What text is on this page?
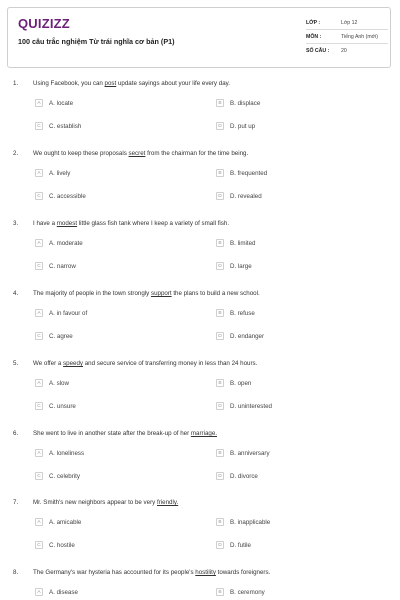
QUIZIZZ
100 câu trắc nghiệm Từ trái nghĩa cơ bản (P1)
LỚP :	Lớp 12
MÔN :	Tiếng Anh (mới)
SỐ CÂU :	20
1. Using Facebook, you can post update sayings about your life every day.
A	A. locate	B	B. displace
C	C. establish	D	D. put up
2. We ought to keep these proposals secret from the chairman for the time being.
A	A. lively	B	B. frequented
C	C. accessible	D	D. revealed
3. I have a modest little glass fish tank where I keep a variety of small fish.
A	A. moderate	B	B. limited
C	C. narrow	D	D. large
4. The majority of people in the town strongly support the plans to build a new school.
A	A. in favour of	B	B. refuse
C	C. agree	D	D. endanger
5. We offer a speedy and secure service of transferring money in less than 24 hours.
A	A. slow	B	B. open
C	C. unsure	D	D. uninterested
6. She went to live in another state after the break-up of her marriage.
A	A. loneliness	B	B. anniversary
C	C. celebrity	D	D. divorce
7. Mr. Smith's new neighbors appear to be very friendly.
A	A. amicable	B	B. inapplicable
C	C. hostile	D	D. futile
8. The Germany's war hysteria has accounted for its people's hostility towards foreigners.
A	A. disease	B	B. ceremony
